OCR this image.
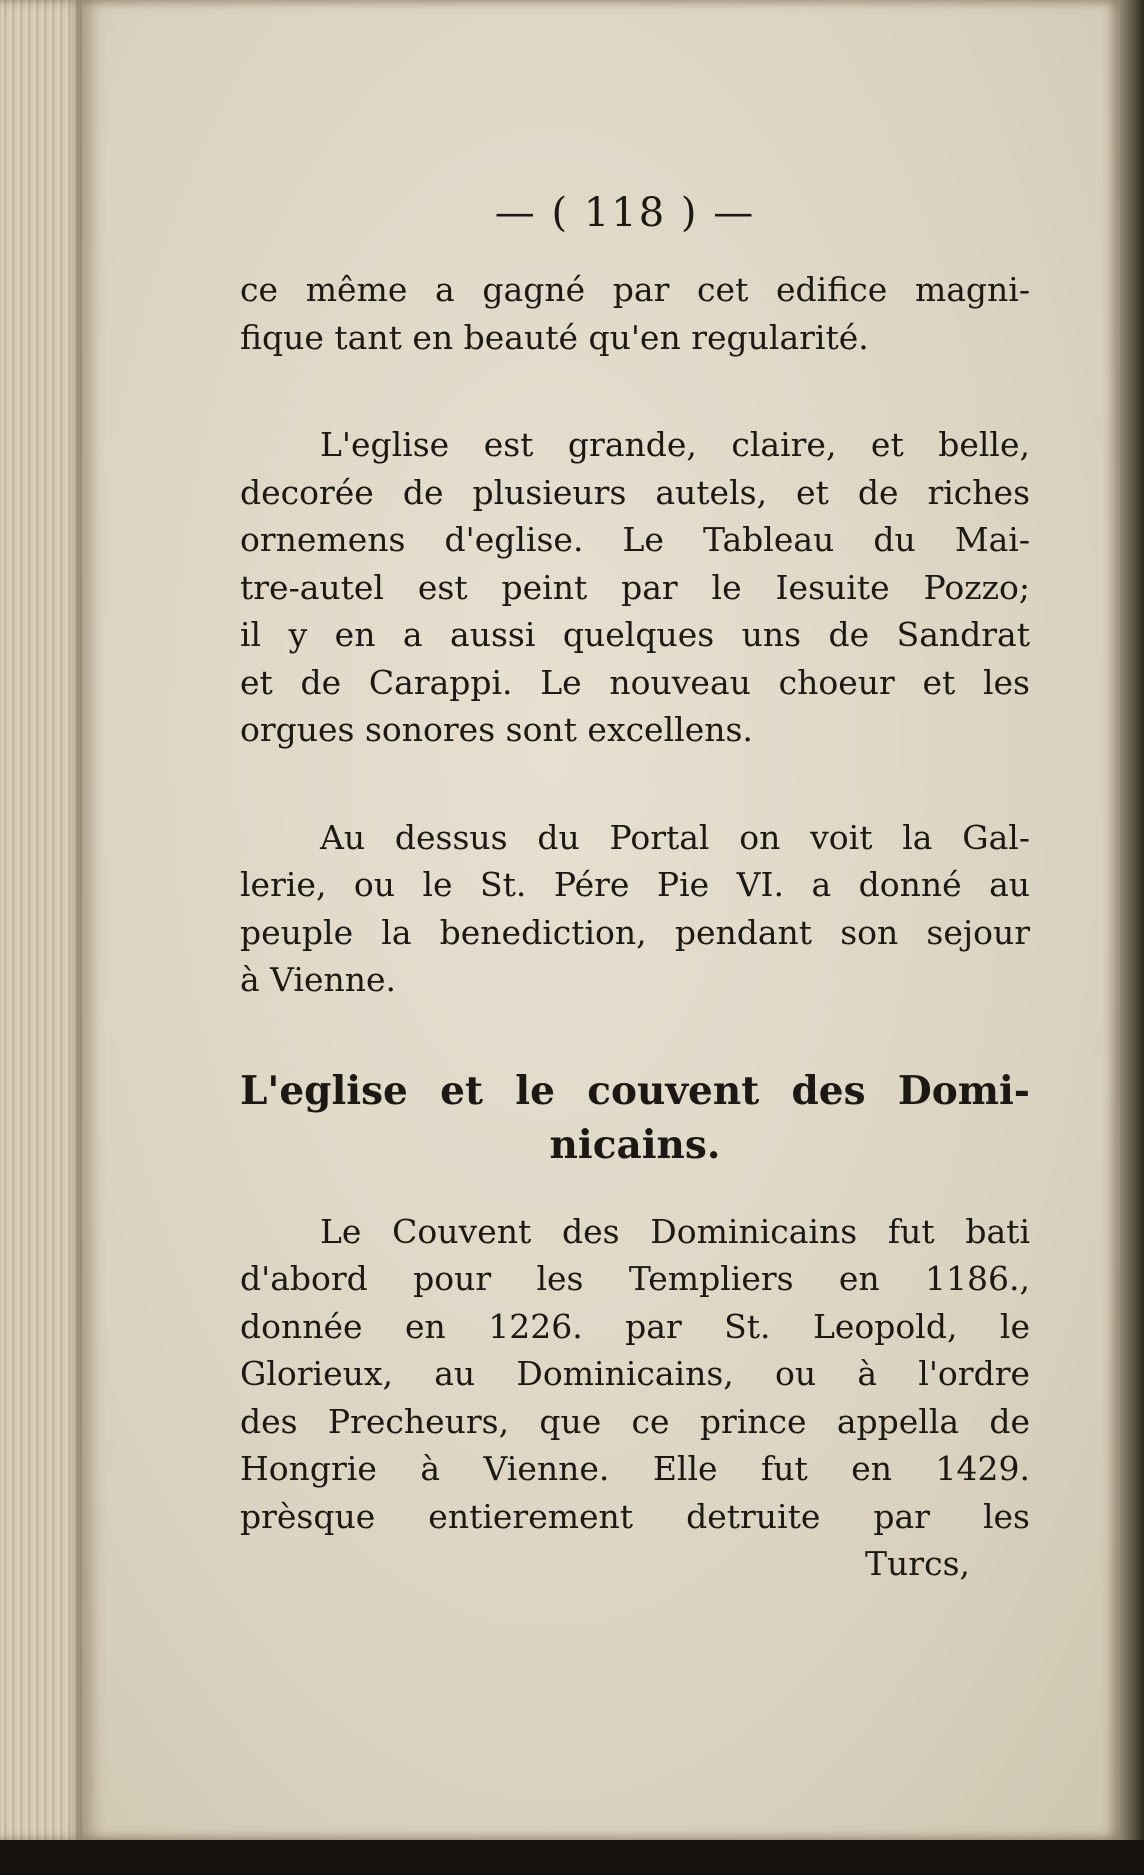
— ( 118 ) —

ce même a gagné par cet edifice magni-
fique tant en beauté qu'en regularité.

L'eglise est grande, claire, et belle,
decorée de plusieurs autels, et de riches
ornemens d'eglise. Le Tableau du Mai-
tre-autel est peint par le Iesuite Pozzo;
il y en a aussi quelques uns de Sandrat
et de Carappi. Le nouveau choeur et les
orgues sonores sont excellens.

Au dessus du Portal on voit la Gal-
lerie, ou le St. Pére Pie VI. a donné au
peuple la benediction, pendant son sejour
à Vienne.

L'eglise et le couvent des Domi-
nicains.

Le Couvent des Dominicains fut bati
d'abord pour les Templiers en 1186.,
donnée en 1226. par St. Leopold, le
Glorieux, au Dominicains, ou à l'ordre
des Precheurs, que ce prince appella de
Hongrie à Vienne. Elle fut en 1429.
prèsque entierement detruite par les

Turcs,
